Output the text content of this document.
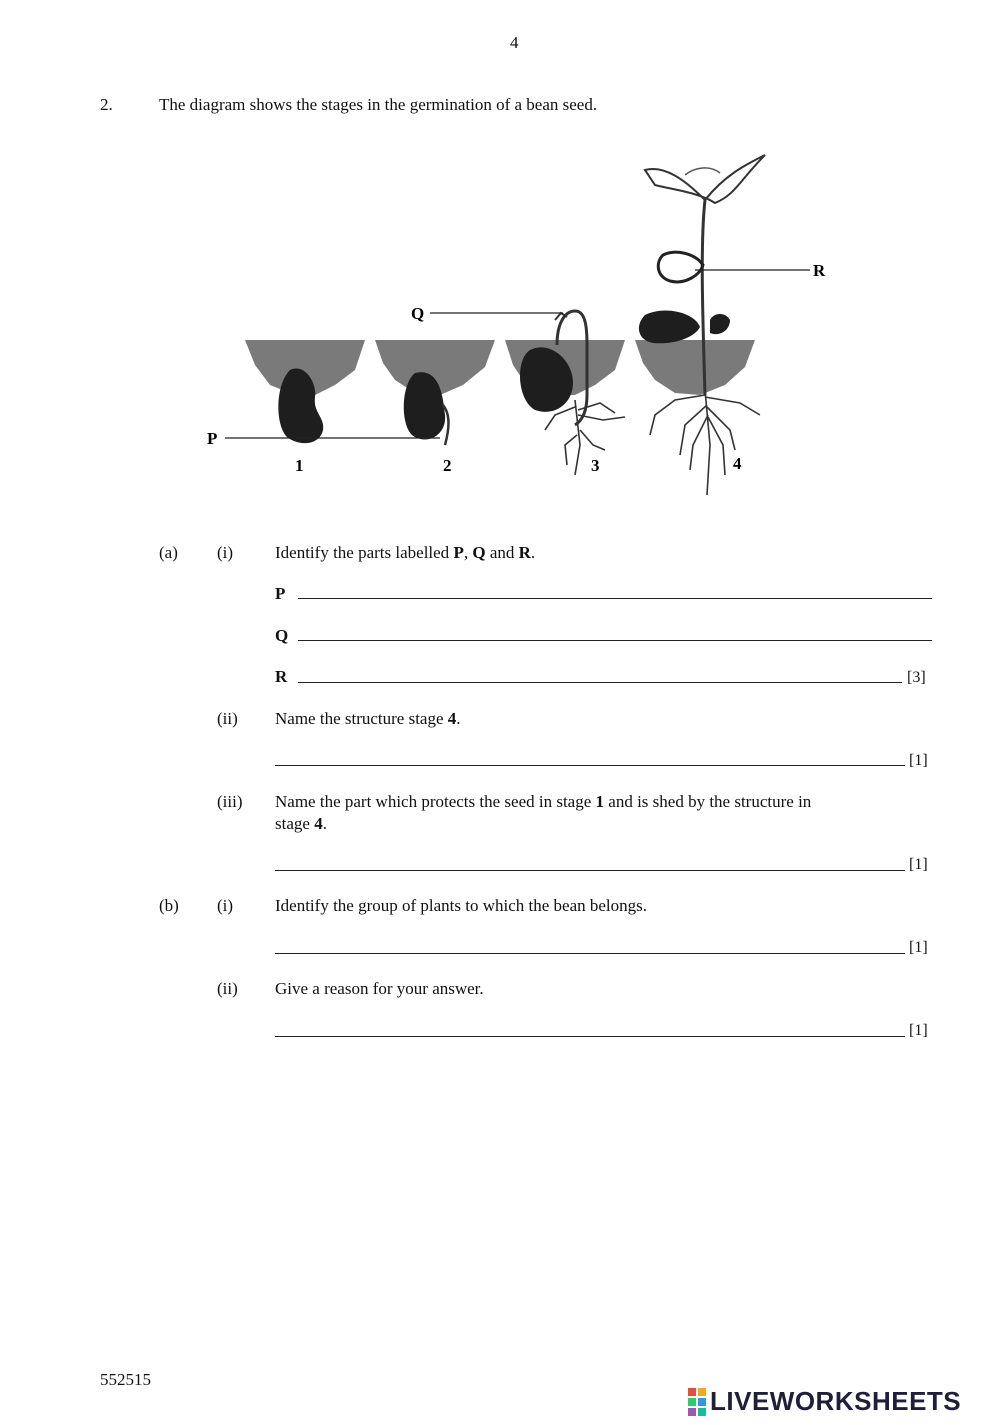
4
2.	The diagram shows the stages in the germination of a bean seed.
P
Q
R
1	2	3	4
(a) (i) Identify the parts labelled P, Q and R.
P
Q
R	[3]
(ii) Name the structure stage 4.
[1]
(iii) Name the part which protects the seed in stage 1 and is shed by the structure in
stage 4.
[1]
(b) (i) Identify the group of plants to which the bean belongs.
[1]
(ii) Give a reason for your answer.
[1]
552515
LIVEWORKSHEETS
